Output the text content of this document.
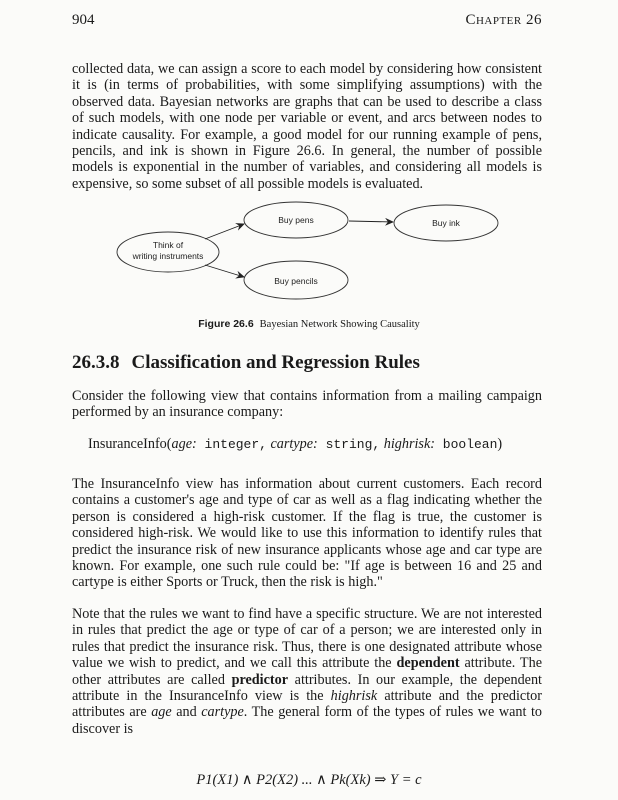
904	Chapter 26

collected data, we can assign a score to each model by considering how consistent it is (in terms of probabilities, with some simplifying assumptions) with the observed data. Bayesian networks are graphs that can be used to describe a class of such models, with one node per variable or event, and arcs between nodes to indicate causality. For example, a good model for our running example of pens, pencils, and ink is shown in Figure 26.6. In general, the number of possible models is exponential in the number of variables, and considering all models is expensive, so some subset of all possible models is evaluated.

Think of
writing instruments
Buy pens	Buy ink
Buy pencils
Figure 26.6 Bayesian Network Showing Causality
26.3.8 Classification and Regression Rules

Consider the following view that contains information from a mailing campaign performed by an insurance company:

InsuranceInfo(age: integer, cartype: string, highrisk: boolean)

The InsuranceInfo view has information about current customers. Each record contains a customer's age and type of car as well as a flag indicating whether the person is considered a high-risk customer. If the flag is true, the customer is considered high-risk. We would like to use this information to identify rules that predict the insurance risk of new insurance applicants whose age and car type are known. For example, one such rule could be: "If age is between 16 and 25 and cartype is either Sports or Truck, then the risk is high."

Note that the rules we want to find have a specific structure. We are not interested in rules that predict the age or type of car of a person; we are interested only in rules that predict the insurance risk. Thus, there is one designated attribute whose value we wish to predict, and we call this attribute the dependent attribute. The other attributes are called predictor attributes. In our example, the dependent attribute in the InsuranceInfo view is the highrisk attribute and the predictor attributes are age and cartype. The general form of the types of rules we want to discover is

P1(X1) ∧ P2(X2) ... ∧ Pk(Xk) ⇒ Y = c
